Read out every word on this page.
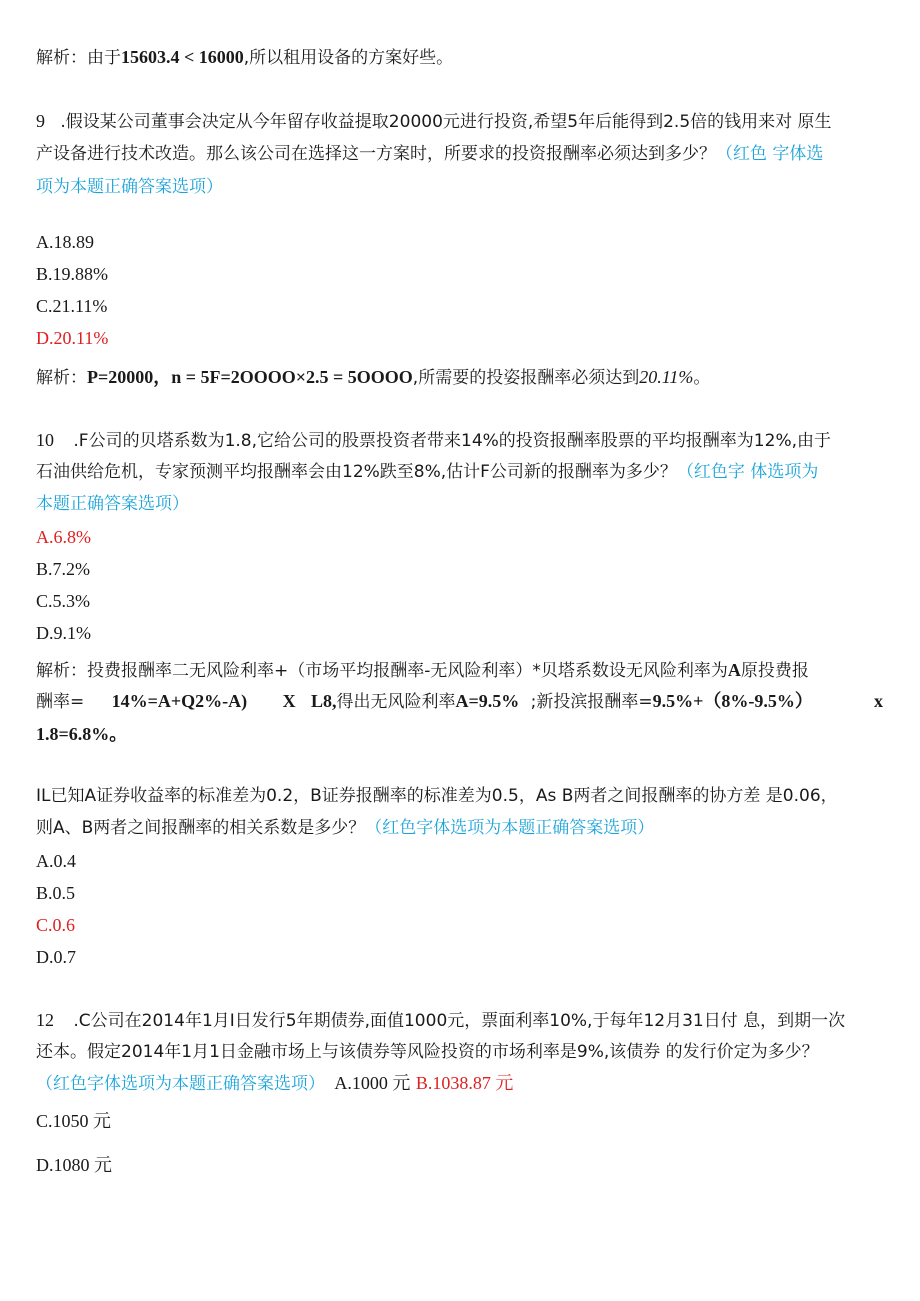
解析：由于15603.4 < 16000,所以租用设备的方案好些。
9 .假设某公司董事会决定从今年留存收益提取20000元进行投资,希望5年后能得到2.5倍的钱用来对 原生
产设备进行技术改造。那么该公司在选择这一方案时，所要求的投资报酬率必须达到多少？（红色 字体选
项为本题正确答案选项）
A.18.89
B.19.88%
C.21.11%
D.20.11%
解析：P=20000，n = 5F=2OOOO×2.5 = 5OOOO,所需要的投姿报酬率必须达到20.11%。
10 .F公司的贝塔系数为1.8,它给公司的股票投资者带来14%的投资报酬率股票的平均报酬率为12%,由于
石油供给危机，专家预测平均报酬率会由12%跌至8%,估计F公司新的报酬率为多少？（红色字 体选项为
本题正确答案选项）
A.6.8%
B.7.2%
C.5.3%
D.9.1%
解析：投费报酬率二无风险利率+（市场平均报酬率-无风险利率）*贝塔系数设无风险利率为A原投费报
酬率= 14%=A+Q2%-A) X L8,得出无风险利率A=9.5% ;新投滨报酬率=9.5%+（8%-9.5%）	x
1.8=6.8%。
IL已知A证券收益率的标准差为0.2，B证券报酬率的标准差为0.5，As B两者之间报酬率的协方差 是0.06，
则A、B两者之间报酬率的相关系数是多少？（红色字体选项为本题正确答案选项）
A.0.4
B.0.5
C.0.6
D.0.7
12 .C公司在2014年1月I日发行5年期债券,面值1000元，票面利率10%,于每年12月31日付 息，到期一次
还本。假定2014年1月1日金融市场上与该债券等风险投资的市场利率是9%,该债券 的发行价定为多少？
（红色字体选项为本题正确答案选项） A.1000 元 B.1038.87 元
C.1050 元
D.1080 元
